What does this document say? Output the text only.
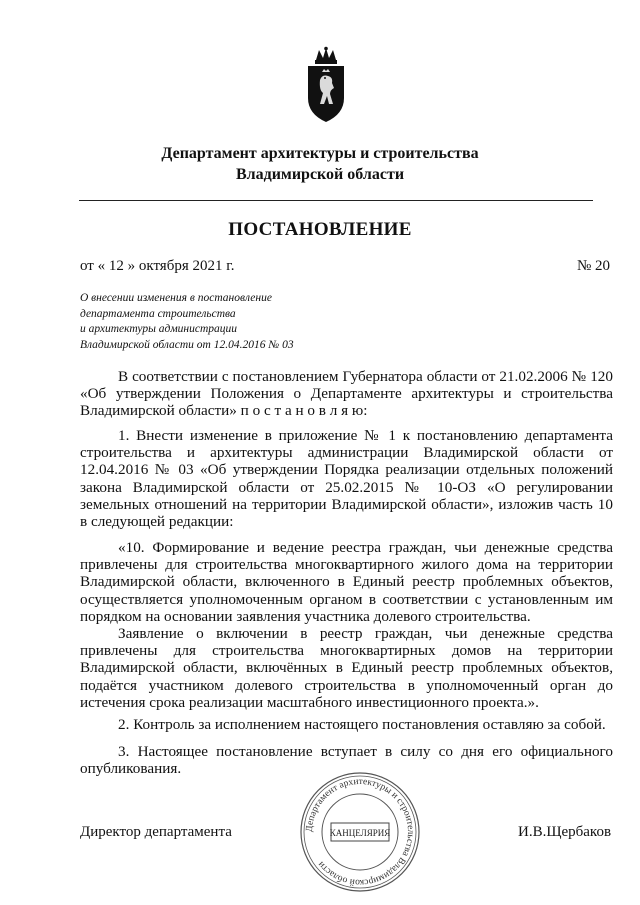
Департамент архитектуры и строительства
Владимирской области
ПОСТАНОВЛЕНИЕ
от « 12 » октября 2021 г.	№ 20
О внесении изменения в постановление
департамента строительства
и архитектуры администрации
Владимирской области от 12.04.2016 № 03

В соответствии с постановлением Губернатора области от 21.02.2006 № 120 «Об утверждении Положения о Департаменте архитектуры и строительства Владимирской области» п о с т а н о в л я ю:

1. Внести изменение в приложение № 1 к постановлению департамента строительства и архитектуры администрации Владимирской области от 12.04.2016 № 03 «Об утверждении Порядка реализации отдельных положений закона Владимирской области от 25.02.2015 № 10-ОЗ «О регулировании земельных отношений на территории Владимирской области», изложив часть 10 в следующей редакции:

«10. Формирование и ведение реестра граждан, чьи денежные средства привлечены для строительства многоквартирного жилого дома на территории Владимирской области, включенного в Единый реестр проблемных объектов, осуществляется уполномоченным органом в соответствии с установленным им порядком на основании заявления участника долевого строительства.

Заявление о включении в реестр граждан, чьи денежные средства привлечены для строительства многоквартирных домов на территории Владимирской области, включённых в Единый реестр проблемных объектов, подаётся участником долевого строительства в уполномоченный орган до истечения срока реализации масштабного инвестиционного проекта.».

2. Контроль за исполнением настоящего постановления оставляю за собой.

3. Настоящее постановление вступает в силу со дня его официального опубликования.

Директор департамента	И.В.Щербаков
Департамент архитектуры и строительства Владимирской области
КАНЦЕЛЯРИЯ
